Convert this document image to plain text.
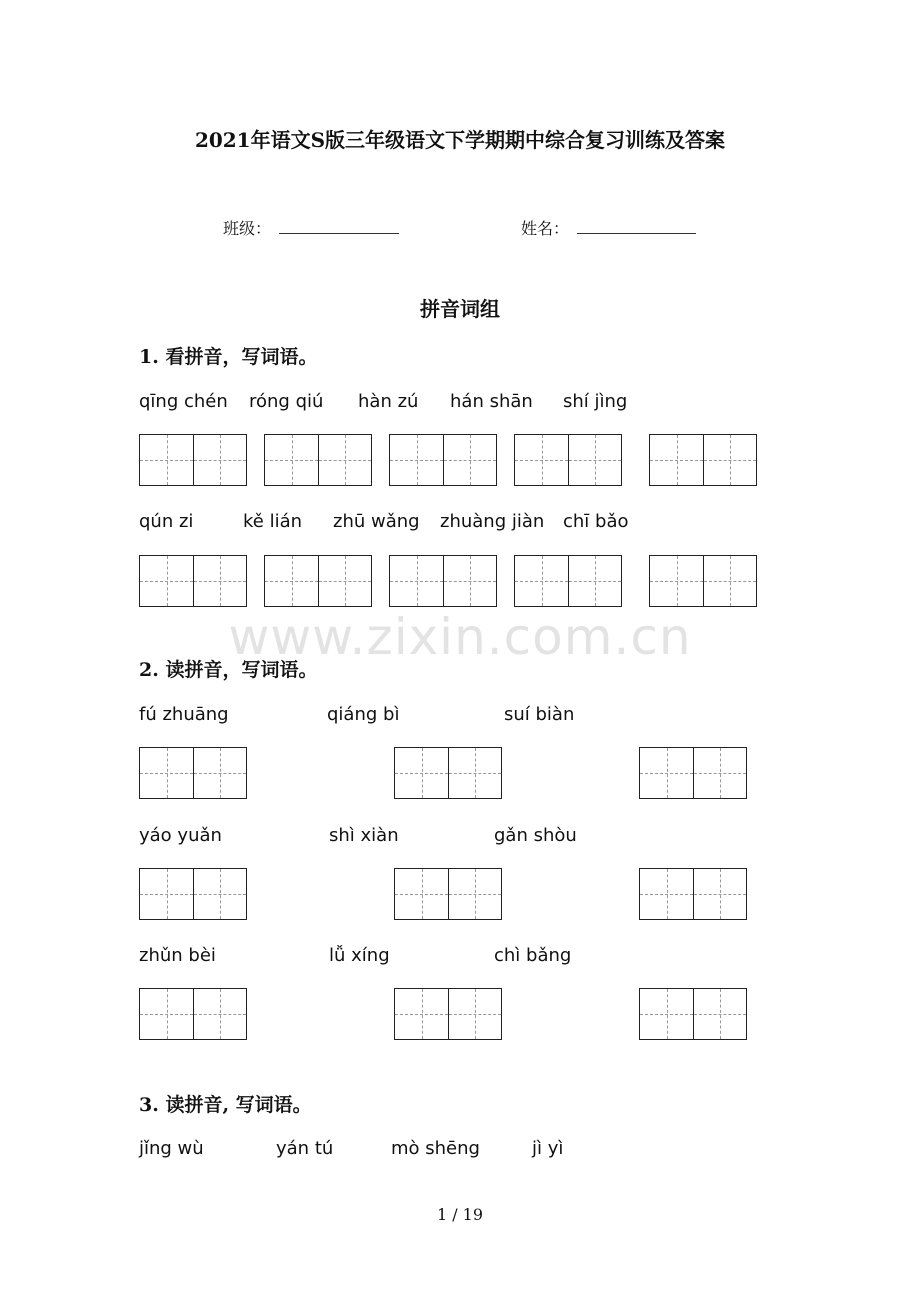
2021年语文S版三年级语文下学期期中综合复习训练及答案
班级：	姓名：
拼音词组
1. 看拼音，写词语。
qīng chén róng qiú hàn zú hán shān shí jìng
qún zi	kě lián zhū wǎng zhuàng jiàn chī bǎo
www.zixin.com.cn
2. 读拼音，写词语。
fú zhuāng	qiáng bì	suí biàn
yáo yuǎn	shì xiàn	gǎn shòu
zhǔn bèi	lǚ xíng	chì bǎng
3. 读拼音, 写词语。
jǐng wù	yán tú	mò shēng	jì yì
1 / 19
